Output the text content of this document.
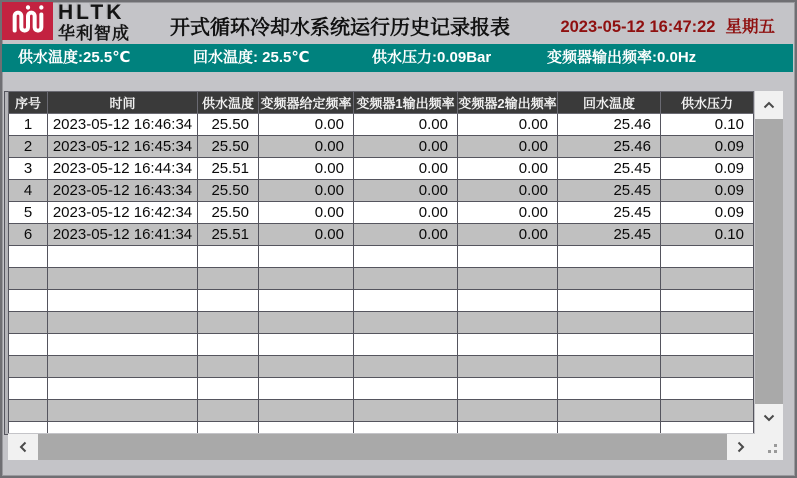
HLTK
华利智成 开式循环冷却水系统运行历史记录报表	2023-05-12 16:47:22 星期五
供水温度:25.5℃	回水温度: 25.5℃	供水压力:0.09Bar	变频器输出频率:0.0Hz
序号	时间	供水温度	变频器给定频率	变频器1输出频率	变频器2输出频率	回水温度	供水压力
1	2023-05-12 16:46:34	25.50	0.00	0.00	0.00	25.46	0.10
2	2023-05-12 16:45:34	25.50	0.00	0.00	0.00	25.46	0.09
3	2023-05-12 16:44:34	25.51	0.00	0.00	0.00	25.45	0.09
4	2023-05-12 16:43:34	25.50	0.00	0.00	0.00	25.45	0.09
5	2023-05-12 16:42:34	25.50	0.00	0.00	0.00	25.45	0.09
6	2023-05-12 16:41:34	25.51	0.00	0.00	0.00	25.45	0.10
